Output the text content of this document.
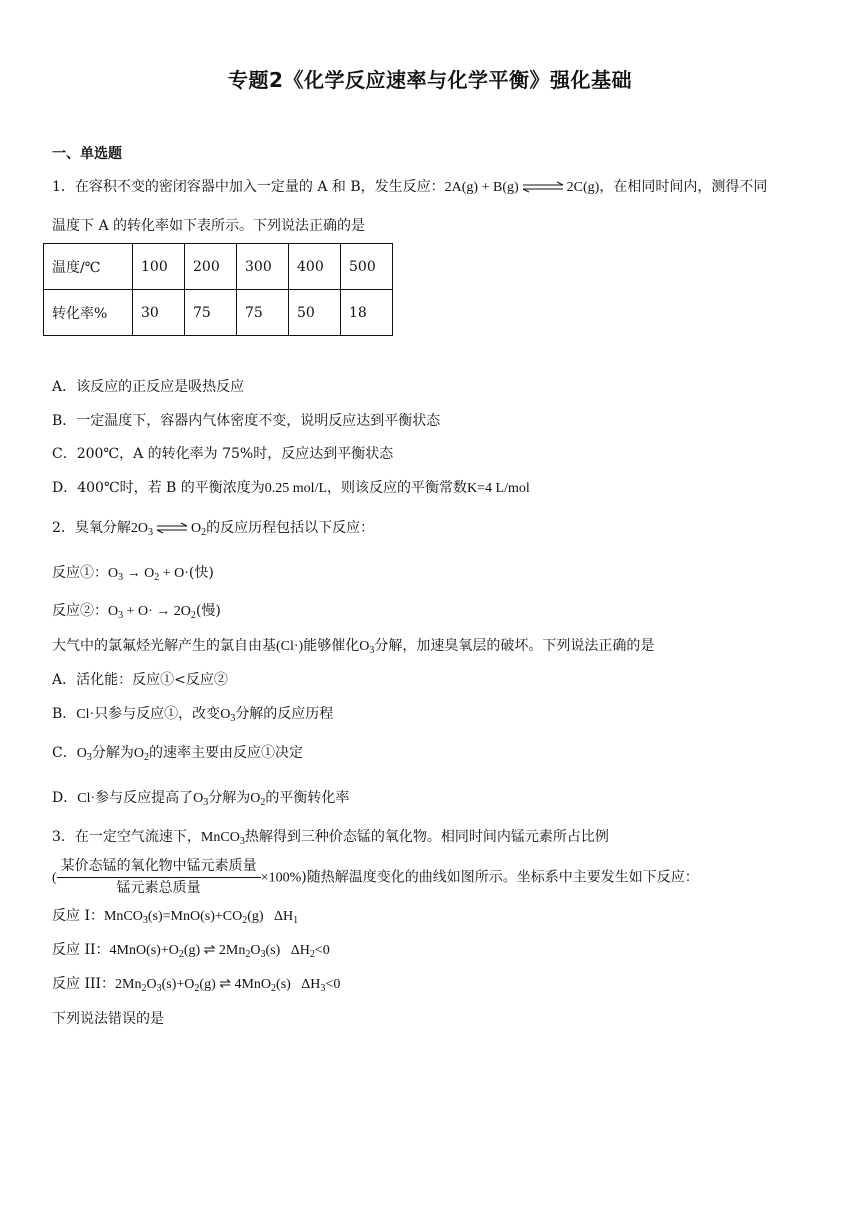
专题2《化学反应速率与化学平衡》强化基础
一、单选题
1．在容积不变的密闭容器中加入一定量的 A 和 B，发生反应：2A(g) + B(g) ⇌ 2C(g)，在相同时间内，测得不同
温度下 A 的转化率如下表所示。下列说法正确的是
温度/℃	100	200	300	400	500
转化率%	30	75	75	50	18
A．该反应的正反应是吸热反应
B．一定温度下，容器内气体密度不变，说明反应达到平衡状态
C．200℃，A 的转化率为 75%时，反应达到平衡状态
D．400℃时，若 B 的平衡浓度为0.25 mol/L，则该反应的平衡常数K=4 L/mol
2．臭氧分解$2O_3$ ⇌ $O_2$的反应历程包括以下反应：
反应①：$O_3 \to O_2 + O\cdot$(快)
反应②：$O_3 + O\cdot \to 2O_2$(慢)
大气中的氯氟烃光解产生的氯自由基(Cl·)能够催化$O_3$分解，加速臭氧层的破坏。下列说法正确的是
A．活化能：反应①<反应②
B．Cl·只参与反应①，改变$O_3$分解的反应历程
C．$O_3$分解为$O_2$的速率主要由反应①决定
D．Cl·参与反应提高了$O_3$分解为$O_2$的平衡转化率
3．在一定空气流速下，MnCO$_3$热解得到三种价态锰的氧化物。相同时间内锰元素所占比例
( $\frac{\text{某价态锰的氧化物中锰元素质量}}{\text{锰元素总质量}} \times 100\%$)随热解温度变化的曲线如图所示。坐标系中主要发生如下反应：
反应 I：$MnCO_3(s)=MnO(s)+CO_2(g)$   $\Delta H_1$
反应 II：$4MnO(s)+O_2(g)$ ⇌ $2Mn_2O_3(s)$   $\Delta H_2<0$
反应 III：$2Mn_2O_3(s)+O_2(g)$ ⇌ 4MnO$_2$(s)   $\Delta H_3<0$
下列说法错误的是
